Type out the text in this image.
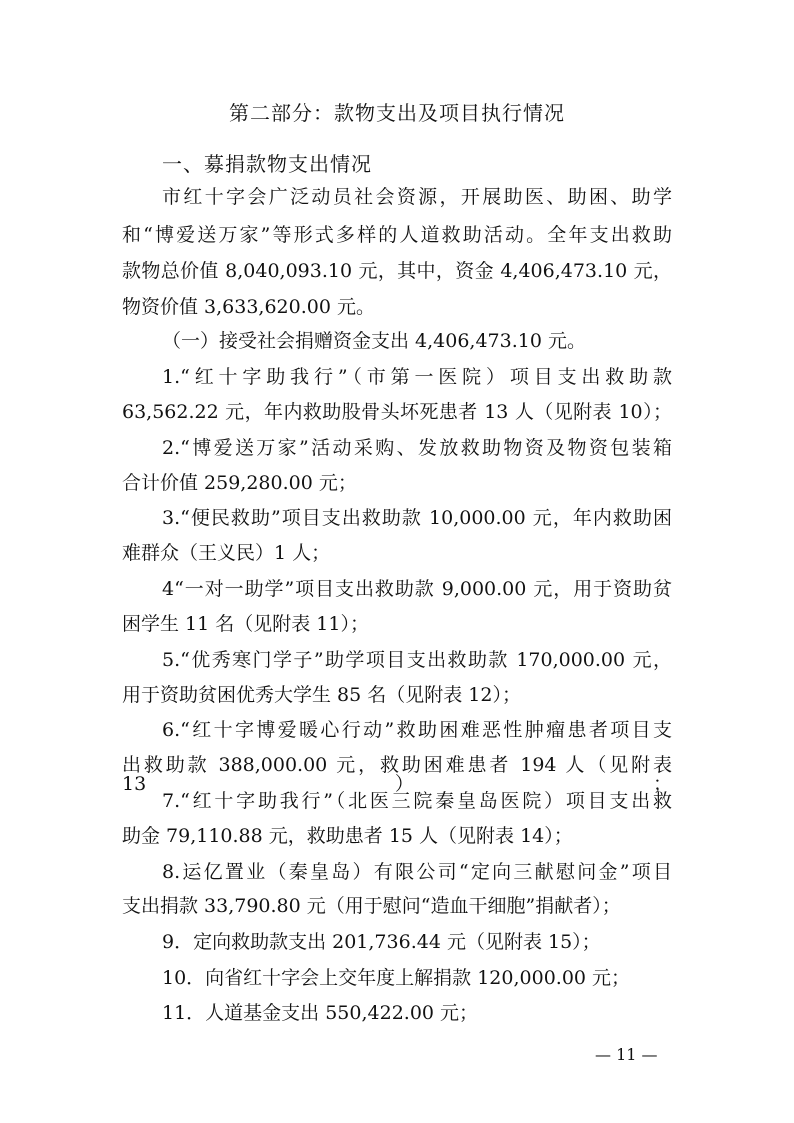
第二部分：款物支出及项目执行情况
一、募捐款物支出情况
市红十字会广泛动员社会资源，开展助医、助困、助学
和“博爱送万家”等形式多样的人道救助活动。全年支出救助
款物总价值 8,040,093.10 元，其中，资金 4,406,473.10 元，
物资价值 3,633,620.00 元。
（一）接受社会捐赠资金支出 4,406,473.10 元。
1.“红十字助我行”（市第一医院）项目支出救助款
63,562.22 元，年内救助股骨头坏死患者 13 人（见附表 10）；
2.“博爱送万家”活动采购、发放救助物资及物资包装箱
合计价值 259,280.00 元；
3.“便民救助”项目支出救助款 10,000.00 元，年内救助困
难群众（王义民）1 人；
4“一对一助学”项目支出救助款 9,000.00 元，用于资助贫
困学生 11 名（见附表 11）；
5.“优秀寒门学子”助学项目支出救助款 170,000.00 元，
用于资助贫困优秀大学生 85 名（见附表 12）；
6.“红十字博爱暖心行动”救助困难恶性肿瘤患者项目支
出救助款 388,000.00 元，救助困难患者 194 人（见附表 13）；
7.“红十字助我行”（北医三院秦皇岛医院）项目支出救
助金 79,110.88 元，救助患者 15 人（见附表 14）；
8.运亿置业（秦皇岛）有限公司“定向三献慰问金”项目
支出捐款 33,790.80 元（用于慰问“造血干细胞”捐献者）；
9．定向救助款支出 201,736.44 元（见附表 15）；
10．向省红十字会上交年度上解捐款 120,000.00 元；
11．人道基金支出 550,422.00 元；
— 11 —
